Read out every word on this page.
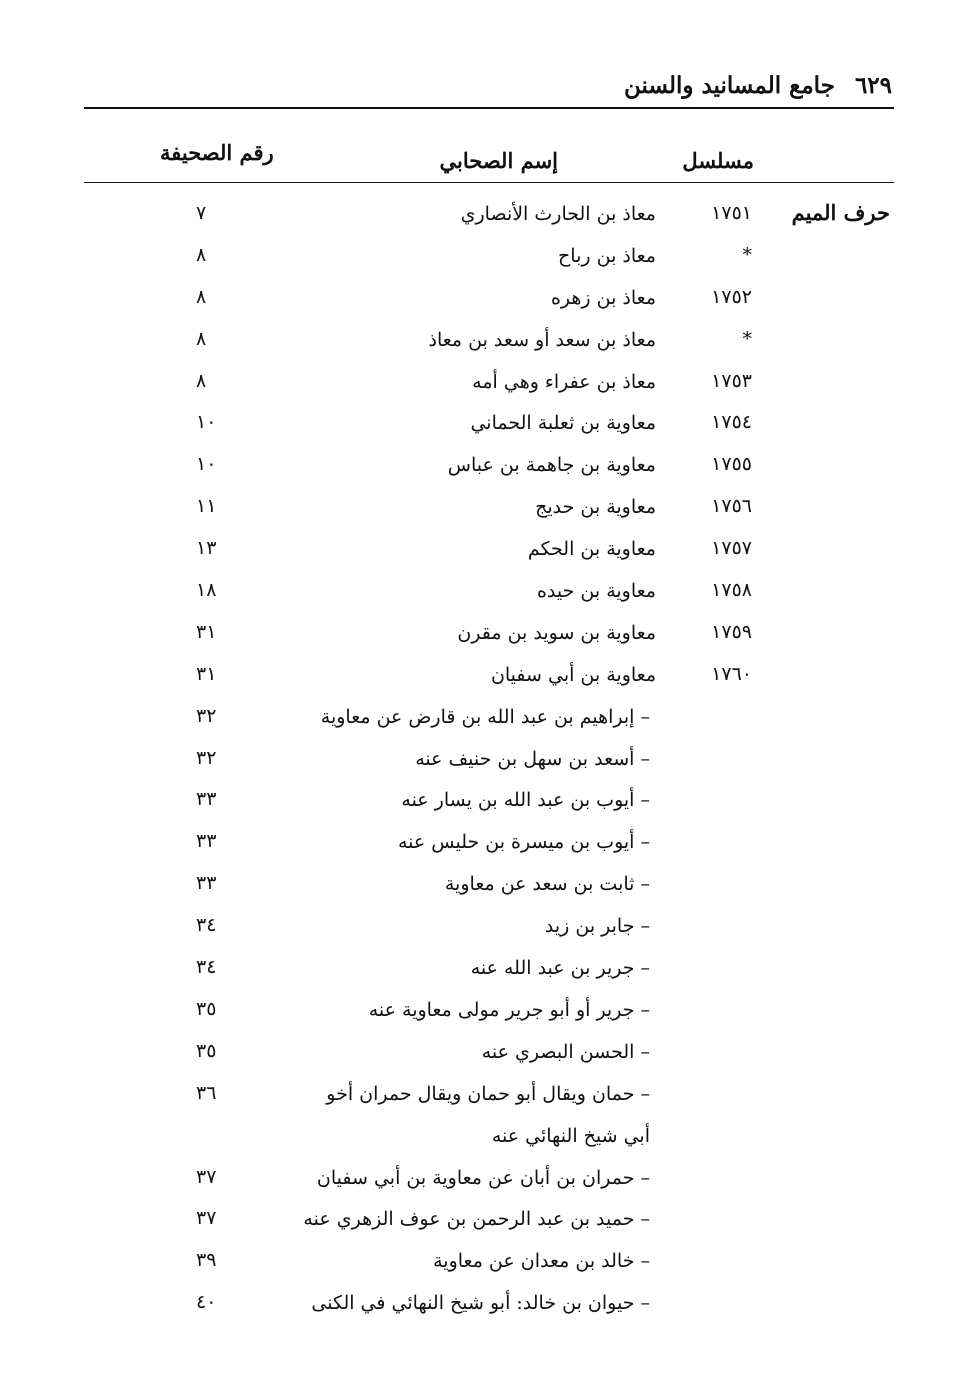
٦٢٩ جامع المسانيد والسنن
مسلسل
إسم الصحابي
رقم الصحيفة
حرف الميم
١٧٥١
معاذ بن الحارث الأنصاري
٧
*
معاذ بن رباح
٨
١٧٥٢
معاذ بن زهره
٨
*
معاذ بن سعد أو سعد بن معاذ
٨
١٧٥٣
معاذ بن عفراء وهي أمه
٨
١٧٥٤
معاوية بن ثعلبة الحماني
١٠
١٧٥٥
معاوية بن جاهمة بن عباس
١٠
١٧٥٦
معاوية بن حديج
١١
١٧٥٧
معاوية بن الحكم
١٣
١٧٥٨
معاوية بن حيده
١٨
١٧٥٩
معاوية بن سويد بن مقرن
٣١
١٧٦٠
معاوية بن أبي سفيان
٣١
– إبراهيم بن عبد الله بن قارض عن معاوية
٣٢
– أسعد بن سهل بن حنيف عنه
٣٢
– أيوب بن عبد الله بن يسار عنه
٣٣
– أيوب بن ميسرة بن حليس عنه
٣٣
– ثابت بن سعد عن معاوية
٣٣
– جابر بن زيد
٣٤
– جرير بن عبد الله عنه
٣٤
– جرير أو أبو جرير مولى معاوية عنه
٣٥
– الحسن البصري عنه
٣٥
– حمان ويقال أبو حمان ويقال حمران أخو أبي شيخ النهائي عنه
٣٦
– حمران بن أبان عن معاوية بن أبي سفيان
٣٧
– حميد بن عبد الرحمن بن عوف الزهري عنه
٣٧
– خالد بن معدان عن معاوية
٣٩
– حيوان بن خالد: أبو شيخ النهائي في الكنى
٤٠
